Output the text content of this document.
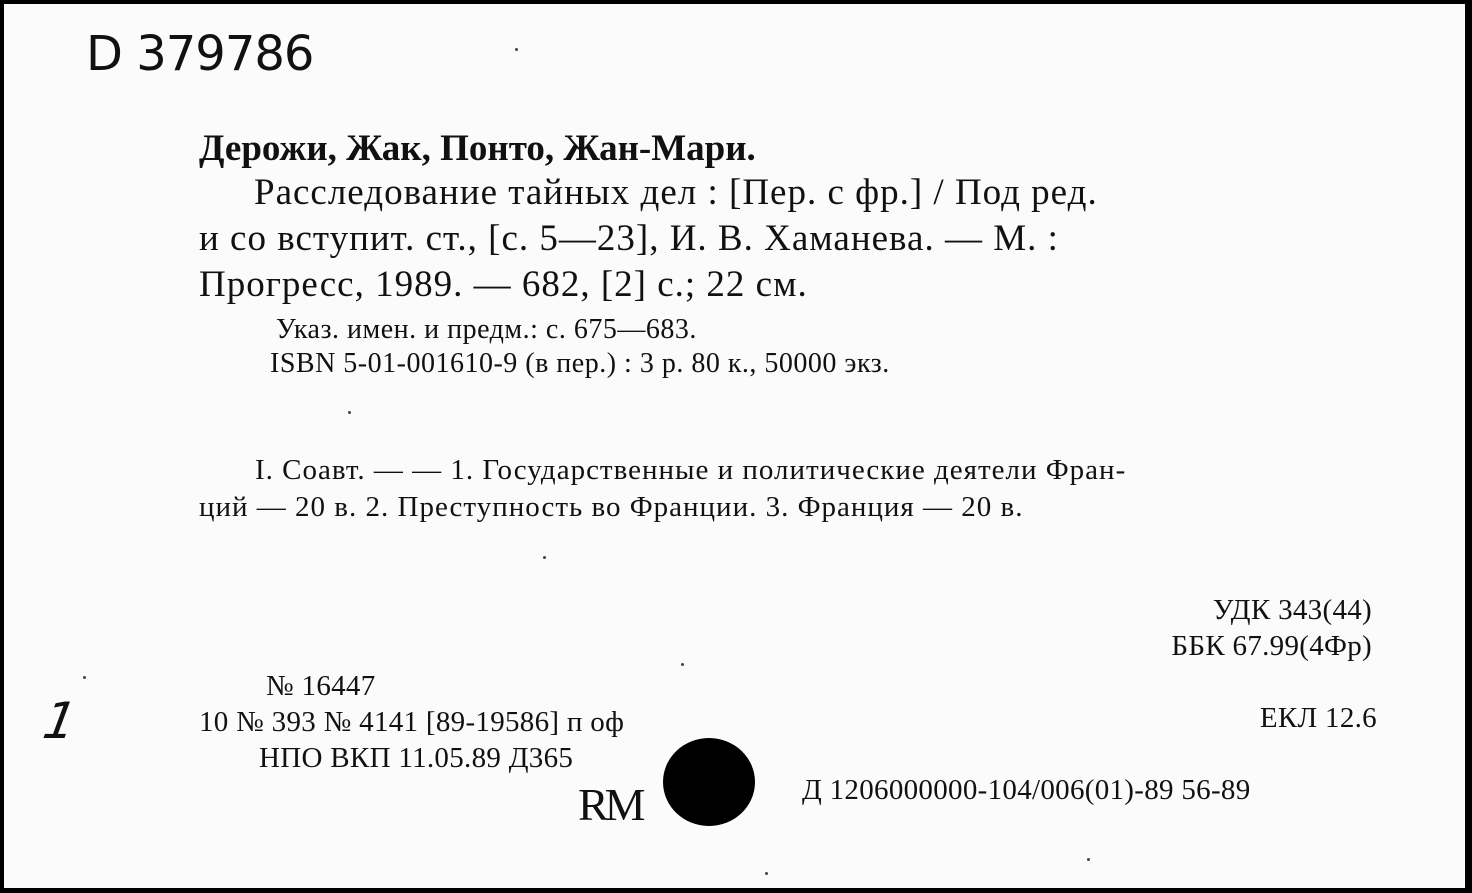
D 379786
Дерожи, Жак, Понто, Жан-Мари.
Расследование тайных дел : [Пер. с фр.] / Под ред.
и со вступит. ст., [с. 5—23], И. В. Хаманева. — М. :
Прогресс, 1989. — 682, [2] с.; 22 см.
Указ. имен. и предм.: с. 675—683.
ISBN 5-01-001610-9 (в пер.) : 3 р. 80 к., 50000 экз.
I. Соавт. — — 1. Государственные и политические деятели Фран-
ций — 20 в. 2. Преступность во Франции. 3. Франция — 20 в.
УДК 343(44)
ББК 67.99(4Фр)
ЕКЛ 12.6
№ 16447
10 № 393 № 4141 [89-19586] п оф
НПО ВКП 11.05.89 Д365
RM	Д 1206000000-104/006(01)-89 56-89
1
